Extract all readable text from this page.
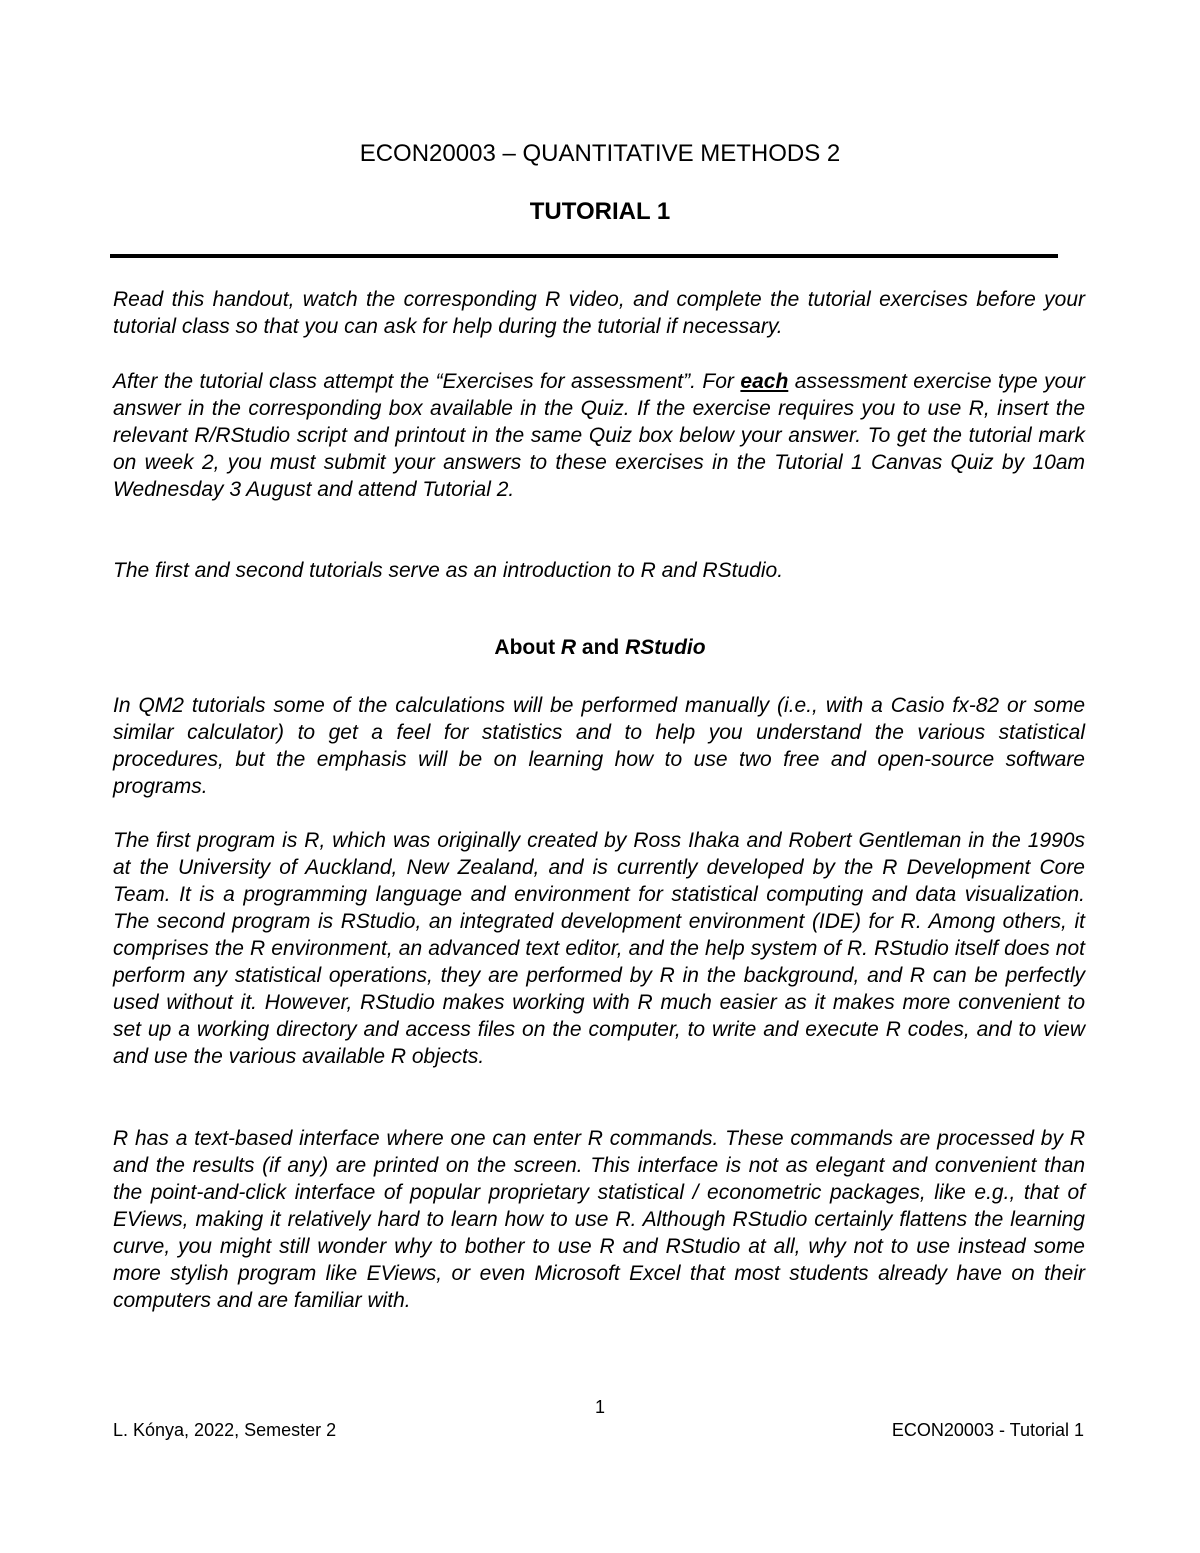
ECON20003 – QUANTITATIVE METHODS 2
TUTORIAL 1

Read this handout, watch the corresponding R video, and complete the tutorial exercises before your tutorial class so that you can ask for help during the tutorial if necessary.

After the tutorial class attempt the “Exercises for assessment”. For each assessment exercise type your answer in the corresponding box available in the Quiz. If the exercise requires you to use R, insert the relevant R/RStudio script and printout in the same Quiz box below your answer. To get the tutorial mark on week 2, you must submit your answers to these exercises in the Tutorial 1 Canvas Quiz by 10am Wednesday 3 August and attend Tutorial 2.

The first and second tutorials serve as an introduction to R and RStudio.

About R and RStudio

In QM2 tutorials some of the calculations will be performed manually (i.e., with a Casio fx-82 or some similar calculator) to get a feel for statistics and to help you understand the various statistical procedures, but the emphasis will be on learning how to use two free and open-source software programs.

The first program is R, which was originally created by Ross Ihaka and Robert Gentleman in the 1990s at the University of Auckland, New Zealand, and is currently developed by the R Development Core Team. It is a programming language and environment for statistical computing and data visualization. The second program is RStudio, an integrated development environment (IDE) for R. Among others, it comprises the R environment, an advanced text editor, and the help system of R. RStudio itself does not perform any statistical operations, they are performed by R in the background, and R can be perfectly used without it. However, RStudio makes working with R much easier as it makes more convenient to set up a working directory and access files on the computer, to write and execute R codes, and to view and use the various available R objects.

R has a text-based interface where one can enter R commands. These commands are processed by R and the results (if any) are printed on the screen. This interface is not as elegant and convenient than the point-and-click interface of popular proprietary statistical / econometric packages, like e.g., that of EViews, making it relatively hard to learn how to use R. Although RStudio certainly flattens the learning curve, you might still wonder why to bother to use R and RStudio at all, why not to use instead some more stylish program like EViews, or even Microsoft Excel that most students already have on their computers and are familiar with.

1
L. Kónya, 2022, Semester 2	ECON20003 - Tutorial 1
